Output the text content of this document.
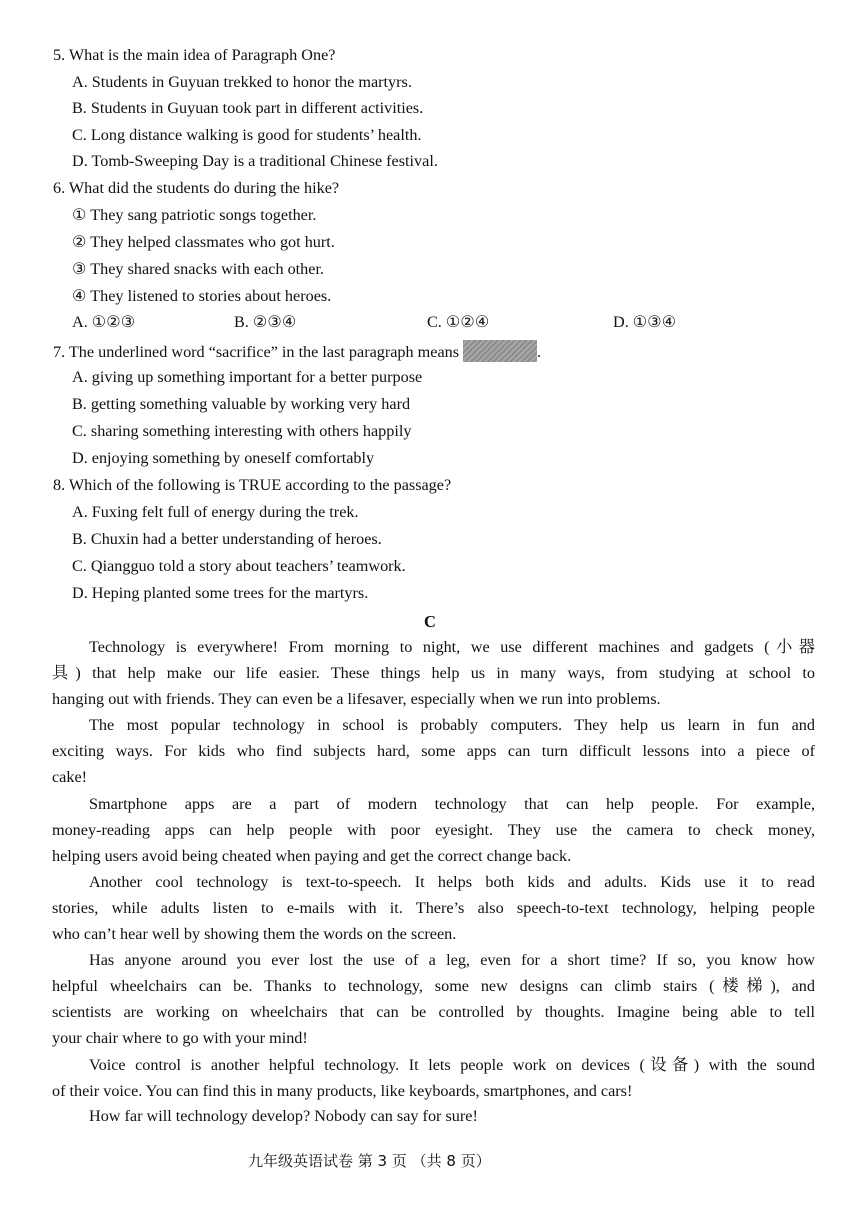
5. What is the main idea of Paragraph One?
A. Students in Guyuan trekked to honor the martyrs.
B. Students in Guyuan took part in different activities.
C. Long distance walking is good for students’ health.
D. Tomb-Sweeping Day is a traditional Chinese festival.
6. What did the students do during the hike?
① They sang patriotic songs together.
② They helped classmates who got hurt.
③ They shared snacks with each other.
④ They listened to stories about heroes.
A. ①②③	B. ②③④	C. ①②④	D. ①③④
7. The underlined word “sacrifice” in the last paragraph means	.
A. giving up something important for a better purpose
B. getting something valuable by working very hard
C. sharing something interesting with others happily
D. enjoying something by oneself comfortably
8. Which of the following is TRUE according to the passage?
A. Fuxing felt full of energy during the trek.
B. Chuxin had a better understanding of heroes.
C. Qiangguo told a story about teachers’ teamwork.
D. Heping planted some trees for the martyrs.
C
Technology is everywhere! From morning to night, we use different machines and gadgets (小器
具) that help make our life easier. These things help us in many ways, from studying at school to
hanging out with friends. They can even be a lifesaver, especially when we run into problems.
The most popular technology in school is probably computers. They help us learn in fun and
exciting ways. For kids who find subjects hard, some apps can turn difficult lessons into a piece of
cake!
Smartphone apps are a part of modern technology that can help people. For example,
money-reading apps can help people with poor eyesight. They use the camera to check money,
helping users avoid being cheated when paying and get the correct change back.
Another cool technology is text-to-speech. It helps both kids and adults. Kids use it to read
stories, while adults listen to e-mails with it. There’s also speech-to-text technology, helping people
who can’t hear well by showing them the words on the screen.
Has anyone around you ever lost the use of a leg, even for a short time? If so, you know how
helpful wheelchairs can be. Thanks to technology, some new designs can climb stairs (楼梯), and
scientists are working on wheelchairs that can be controlled by thoughts. Imagine being able to tell
your chair where to go with your mind!
Voice control is another helpful technology. It lets people work on devices (设备) with the sound
of their voice. You can find this in many products, like keyboards, smartphones, and cars!
How far will technology develop? Nobody can say for sure!
九年级英语试卷 第 3 页 （共 8 页）
